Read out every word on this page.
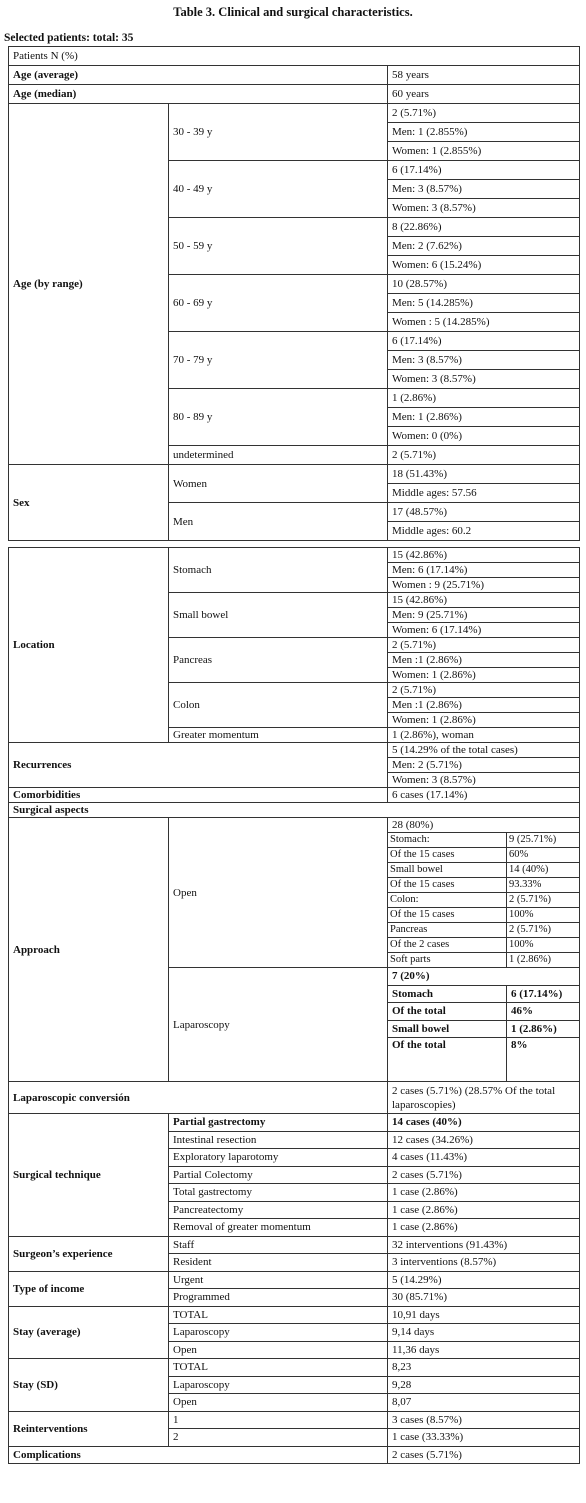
Table 3. Clinical and surgical characteristics.
Selected patients: total: 35
Patients N (%)		
Age (average)		58 years
Age (median)		60 years
Age (by range)	30 - 39 y	2 (5.71%)
		Men: 1 (2.855%)
		Women: 1 (2.855%)
	40 - 49 y	6 (17.14%)
		Men: 3 (8.57%)
		Women: 3 (8.57%)
	50 - 59 y	8 (22.86%)
		Men: 2 (7.62%)
		Women: 6 (15.24%)
	60 - 69 y	10 (28.57%)
		Men: 5 (14.285%)
		Women : 5 (14.285%)
	70 - 79 y	6 (17.14%)
		Men: 3 (8.57%)
		Women: 3 (8.57%)
	80 - 89 y	1 (2.86%)
		Men: 1 (2.86%)
		Women: 0 (0%)
	undetermined	2 (5.71%)
Sex	Women	18 (51.43%)
		Middle ages: 57.56
	Men	17 (48.57%)
		Middle ages: 60.2
Location	Stomach	15 (42.86%)	
		Men: 6 (17.14%)	
		Women : 9 (25.71%)	
	Small bowel	15 (42.86%)	
		Men: 9 (25.71%)	
		Women: 6 (17.14%)	
	Pancreas	2 (5.71%)	
		Men :1 (2.86%)	
		Women: 1 (2.86%)	
	Colon	2 (5.71%)	
		Men :1 (2.86%)	
		Women: 1 (2.86%)	
	Greater momentum	1 (2.86%), woman	
Recurrences		5 (14.29% of the total cases)	
		Men: 2 (5.71%)	
		Women: 3 (8.57%)	
Comorbidities		6 cases (17.14%)	
Surgical aspects			
Approach	Open	28 (80%)	
		Stomach:	9 (25.71%)
		Of the 15 cases	60%
		Small bowel	14 (40%)
		Of the 15 cases	93.33%
		Colon:	2 (5.71%)
		Of the 15 cases	100%
		Pancreas	2 (5.71%)
		Of the 2 cases	100%
		Soft parts	1 (2.86%)
	Laparoscopy	7 (20%)	
		Stomach	6 (17.14%)
		Of the total	46%
		Small bowel	1 (2.86%)
		Of the total	8%
Laparoscopic conversión		2 cases (5.71%) (28.57% Of the total laparoscopies)	
Surgical technique	Partial gastrectomy	14 cases (40%)	
	Intestinal resection	12 cases (34.26%)	
	Exploratory laparotomy	4 cases (11.43%)	
	Partial Colectomy	2 cases (5.71%)	
	Total gastrectomy	1 case (2.86%)	
	Pancreatectomy	1 case (2.86%)	
	Removal of greater momentum	1 case (2.86%)	
Surgeon’s experience	Staff	32 interventions (91.43%)	
	Resident	3 interventions (8.57%)	
Type of income	Urgent	5 (14.29%)	
	Programmed	30 (85.71%)	
Stay (average)	TOTAL	10,91 days	
	Laparoscopy	9,14 days	
	Open	11,36 days	
Stay (SD)	TOTAL	8,23	
	Laparoscopy	9,28	
	Open	8,07	
Reinterventions	1	3 cases (8.57%)	
	2	1 case (33.33%)	
Complications		2 cases (5.71%)	
